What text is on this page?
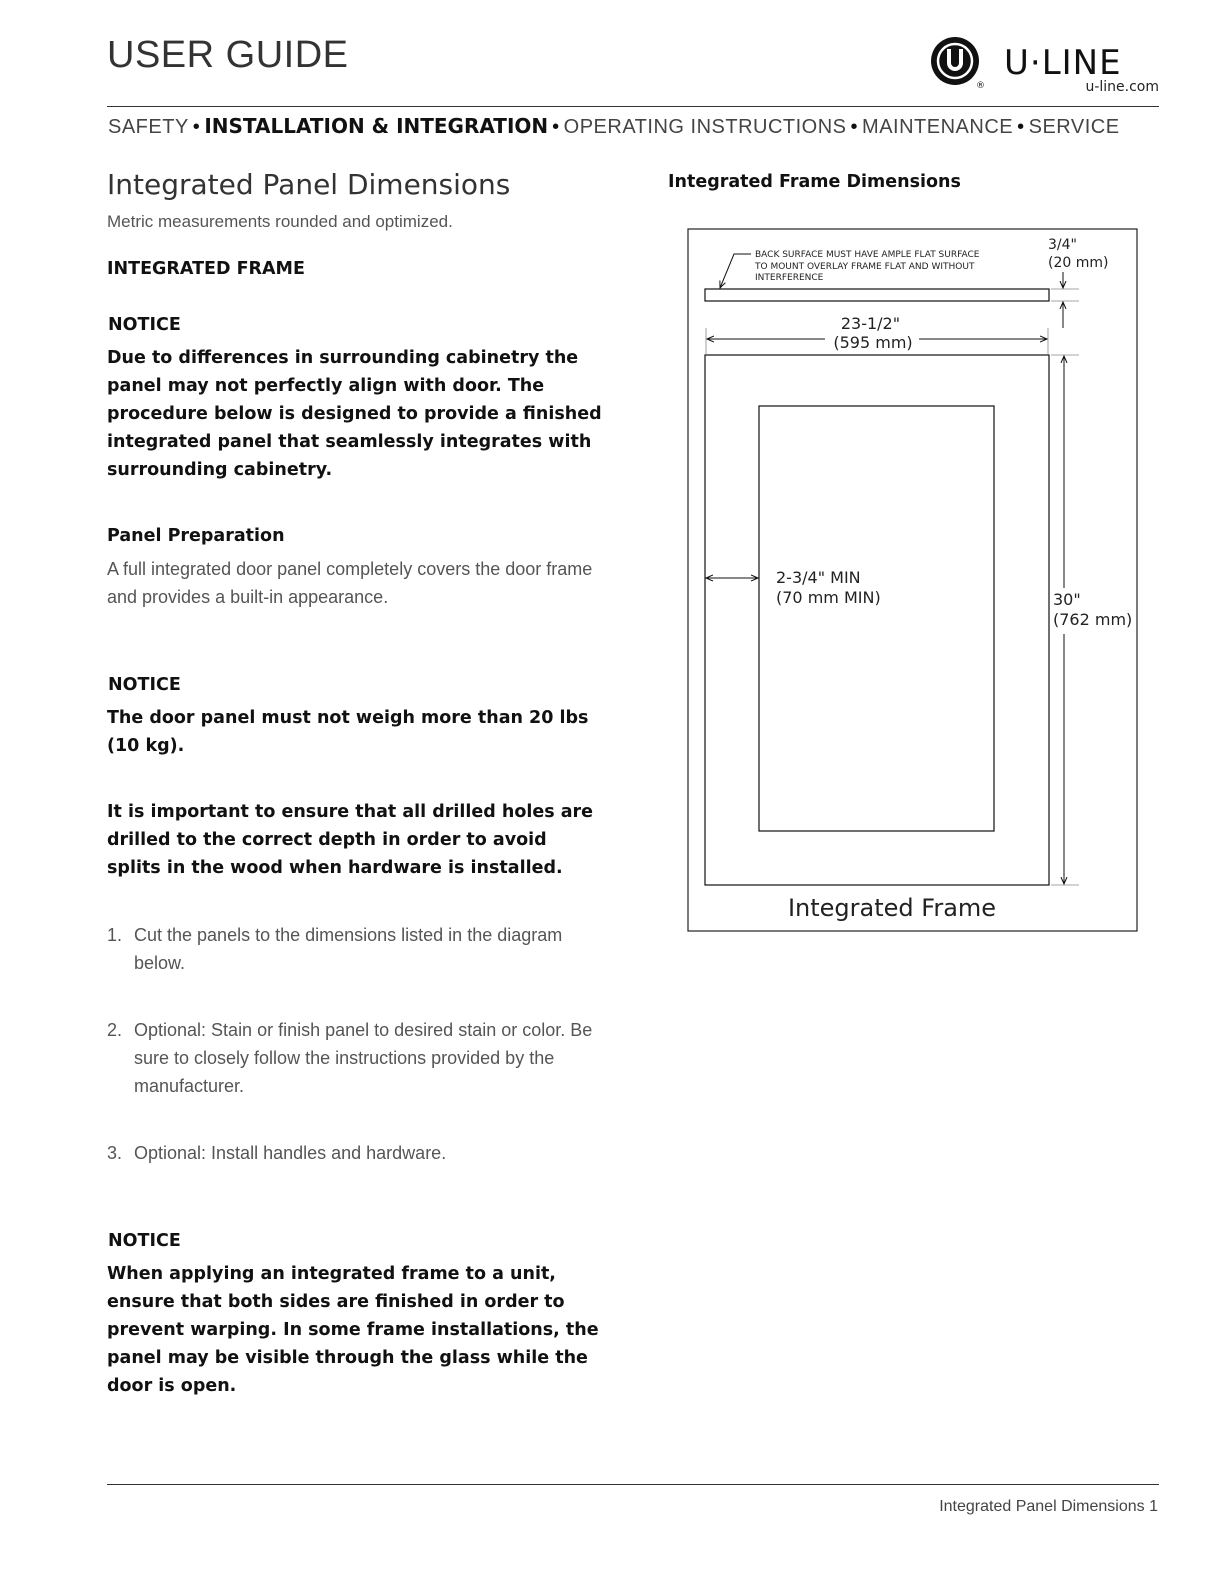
USER GUIDE
®
U·LINE
u-line.com
SAFETY • INSTALLATION & INTEGRATION • OPERATING INSTRUCTIONS • MAINTENANCE • SERVICE
Integrated Panel Dimensions
Metric measurements rounded and optimized.
INTEGRATED FRAME
NOTICE
Due to differences in surrounding cabinetry the panel may not perfectly align with door. The procedure below is designed to provide a finished integrated panel that seamlessly integrates with surrounding cabinetry.
Panel Preparation
A full integrated door panel completely covers the door frame and provides a built-in appearance.
NOTICE
The door panel must not weigh more than 20 lbs (10 kg).
It is important to ensure that all drilled holes are drilled to the correct depth in order to avoid splits in the wood when hardware is installed.
1. Cut the panels to the dimensions listed in the diagram below.
2. Optional: Stain or finish panel to desired stain or color. Be sure to closely follow the instructions provided by the manufacturer.
3. Optional: Install handles and hardware.
NOTICE
When applying an integrated frame to a unit, ensure that both sides are finished in order to prevent warping. In some frame installations, the panel may be visible through the glass while the door is open.
Integrated Frame Dimensions
BACK SURFACE MUST HAVE AMPLE FLAT SURFACE TO MOUNT OVERLAY FRAME FLAT AND WITHOUT INTERFERENCE
3/4" (20 mm)
23-1/2" (595 mm)
2-3/4" MIN (70 mm MIN)	30" (762 mm)
Integrated Frame
Integrated Panel Dimensions 1
